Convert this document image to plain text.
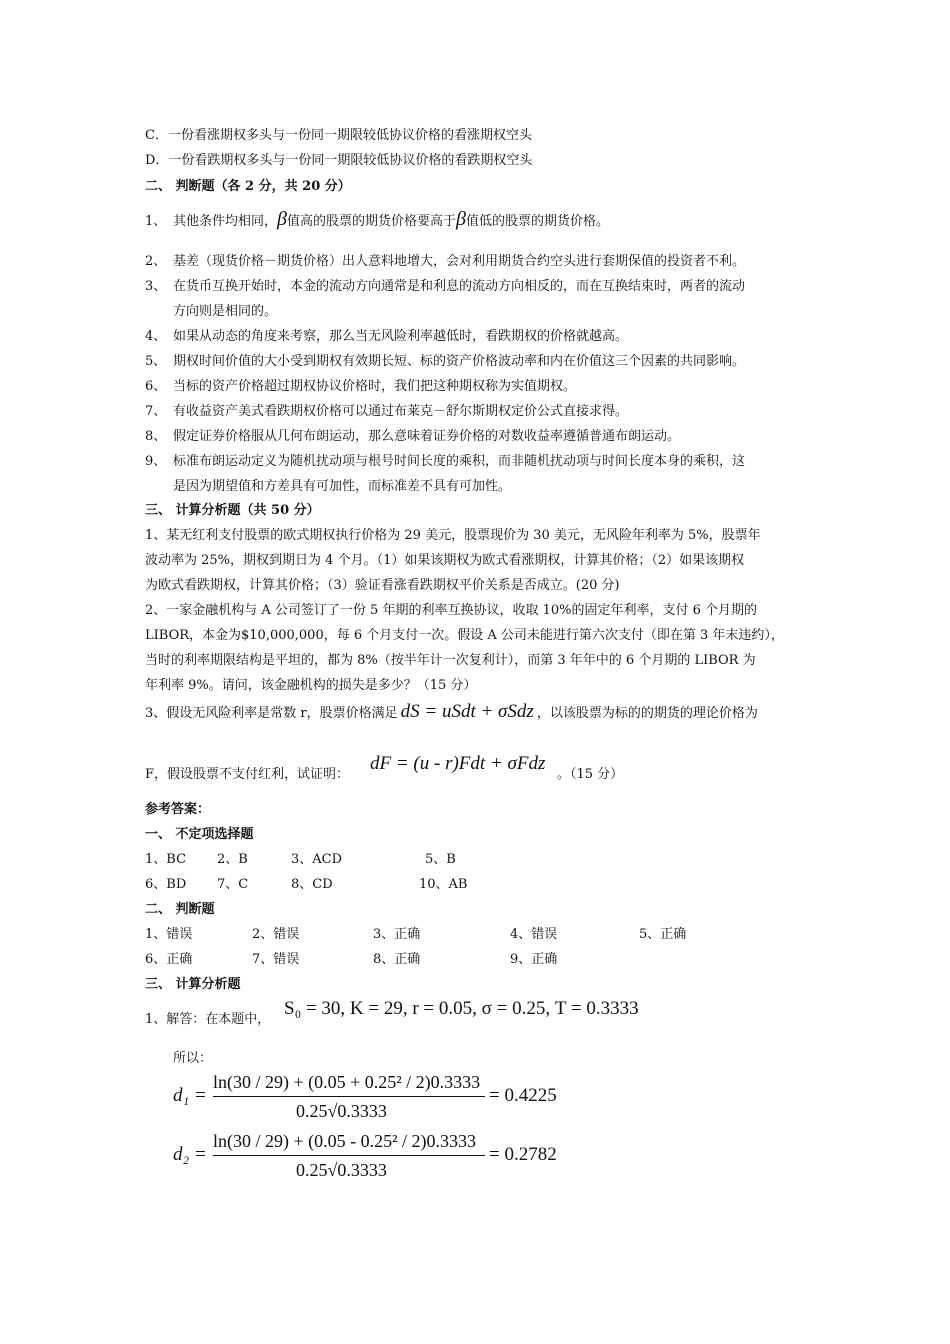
C．一份看涨期权多头与一份同一期限较低协议价格的看涨期权空头
D．一份看跌期权多头与一份同一期限较低协议价格的看跌期权空头
二、 判断题（各 2 分，共 20 分）
1、 其他条件均相同，β值高的股票的期货价格要高于β值低的股票的期货价格。
2、 基差（现货价格－期货价格）出人意料地增大，会对利用期货合约空头进行套期保值的投资者不利。
3、 在货币互换开始时，本金的流动方向通常是和利息的流动方向相反的，而在互换结束时，两者的流动
方向则是相同的。
4、 如果从动态的角度来考察，那么当无风险利率越低时，看跌期权的价格就越高。
5、 期权时间价值的大小受到期权有效期长短、标的资产价格波动率和内在价值这三个因素的共同影响。
6、 当标的资产价格超过期权协议价格时，我们把这种期权称为实值期权。
7、 有收益资产美式看跌期权价格可以通过布莱克－舒尔斯期权定价公式直接求得。
8、 假定证券价格服从几何布朗运动，那么意味着证券价格的对数收益率遵循普通布朗运动。
9、 标准布朗运动定义为随机扰动项与根号时间长度的乘积，而非随机扰动项与时间长度本身的乘积，这
是因为期望值和方差具有可加性，而标准差不具有可加性。
三、 计算分析题（共 50 分）
1、某无红利支付股票的欧式期权执行价格为 29 美元，股票现价为 30 美元，无风险年利率为 5%，股票年
波动率为 25%，期权到期日为 4 个月。（1）如果该期权为欧式看涨期权，计算其价格；（2）如果该期权
为欧式看跌期权，计算其价格；（3）验证看涨看跌期权平价关系是否成立。(20 分)
2、一家金融机构与 A 公司签订了一份 5 年期的利率互换协议，收取 10%的固定年利率，支付 6 个月期的
LIBOR，本金为$10,000,000，每 6 个月支付一次。假设 A 公司未能进行第六次支付（即在第 3 年末违约），
当时的利率期限结构是平坦的，都为 8%（按半年计一次复利计），而第 3 年年中的 6 个月期的 LIBOR 为
年利率 9%。请问，该金融机构的损失是多少？（15 分）
3、假设无风险利率是常数 r，股票价格满足 dS = uSdt + σSdz ，以该股票为标的的期货的理论价格为
F，假设股票不支付红利，试证明：
dF = (u - r)Fdt + σFdz
。（15 分）
参考答案：
一、 不定项选择题
1、BC 2、B	3、ACD	5、B
6、BD 7、C	8、CD	10、AB
二、 判断题
1、错误	2、错误	3、正确	4、错误	5、正确
6、正确	7、错误	8、正确	9、正确
三、 计算分析题
1、解答：在本题中，
S₀ = 30, K = 29, r = 0.05, σ = 0.25, T = 0.3333
所以：
d₁ =
ln(30 / 29) + (0.05 + 0.25² / 2)0.3333
0.25√0.3333
= 0.4225
d₂ =
ln(30 / 29) + (0.05 - 0.25² / 2)0.3333
0.25√0.3333
= 0.2782
